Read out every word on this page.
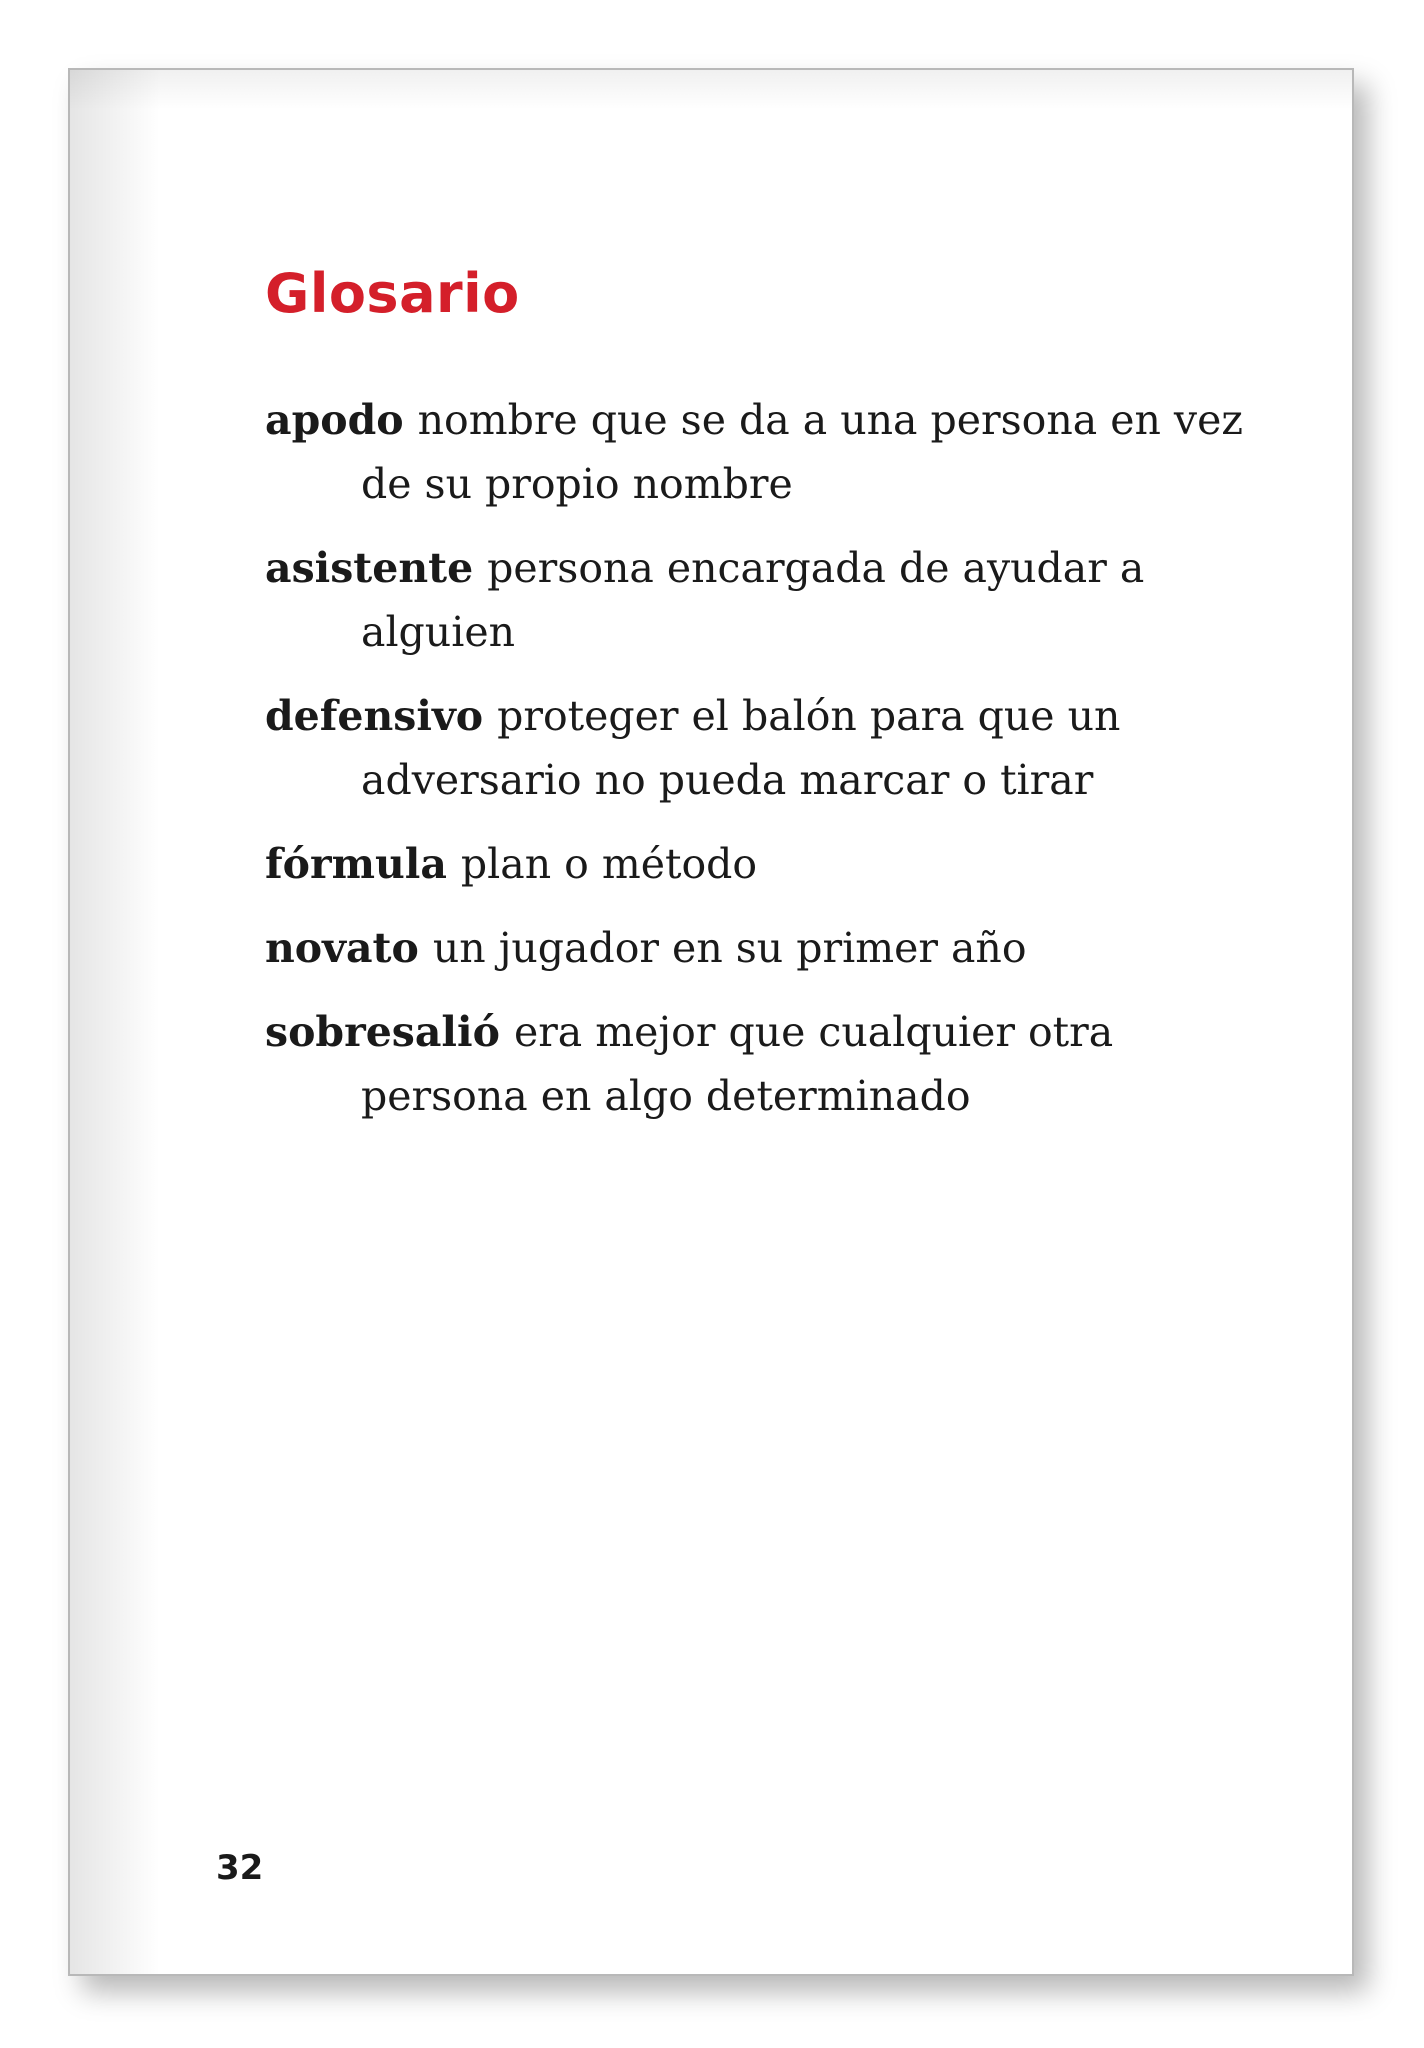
Glosario
apodo nombre que se da a una persona en vez de su propio nombre
asistente persona encargada de ayudar a alguien
defensivo proteger el balón para que un adversario no pueda marcar o tirar
fórmula plan o método
novato un jugador en su primer año
sobresalió era mejor que cualquier otra persona en algo determinado
32
